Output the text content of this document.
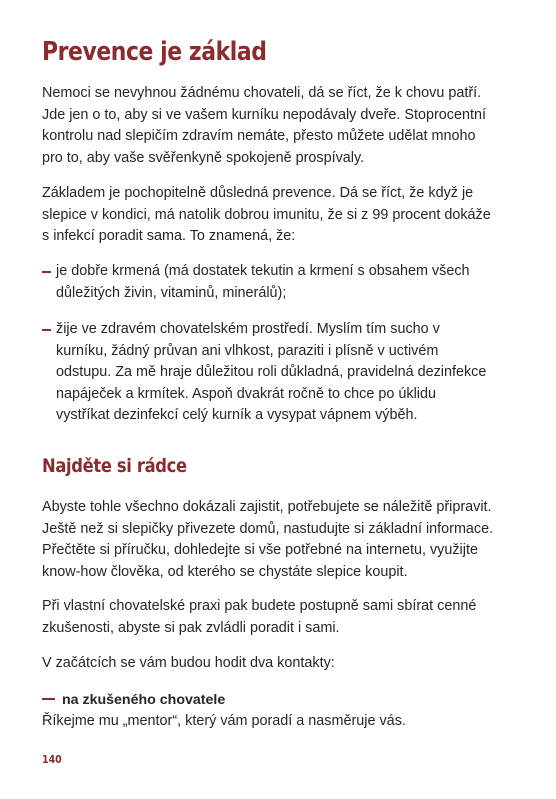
Prevence je základ

Nemoci se nevyhnou žádnému chovateli, dá se říct, že k chovu patří. Jde jen o to, aby si ve vašem kurníku nepodávaly dveře. Stoprocentní kontrolu nad slepičím zdravím nemáte, přesto můžete udělat mnoho pro to, aby vaše svěřenkyně spokojeně prospívaly.

Základem je pochopitelně důsledná prevence. Dá se říct, že když je slepice v kondici, má natolik dobrou imunitu, že si z 99 procent dokáže s infekcí poradit sama. To znamená, že:

je dobře krmená (má dostatek tekutin a krmení s obsahem všech důležitých živin, vitaminů, minerálů);

žije ve zdravém chovatelském prostředí. Myslím tím sucho v kurníku, žádný průvan ani vlhkost, paraziti i plísně v uctivém odstupu. Za mě hraje důležitou roli důkladná, pravidelná dezinfekce napáječek a krmítek. Aspoň dvakrát ročně to chce po úklidu vystříkat dezinfekcí celý kurník a vysypat vápnem výběh.

Najděte si rádce

Abyste tohle všechno dokázali zajistit, potřebujete se náležitě připravit. Ještě než si slepičky přivezete domů, nastudujte si základní informace. Přečtěte si příručku, dohledejte si vše potřebné na internetu, využijte know-how člověka, od kterého se chystáte slepice koupit.

Při vlastní chovatelské praxi pak budete postupně sami sbírat cenné zkušenosti, abyste si pak zvládli poradit i sami.

V začátcích se vám budou hodit dva kontakty:

na zkušeného chovatele

Říkejme mu „mentor“, který vám poradí a nasměruje vás.

140
